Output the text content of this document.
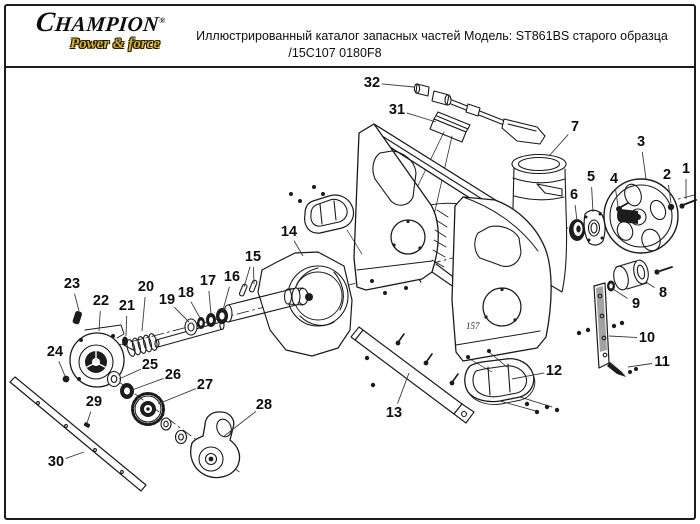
CHAMPION®
Power & force	Иллюстрированный каталог запасных частей Модель: ST861BS старого образца
/15C107 0180F8
157
1
2
3
4
5
6
7
8
9
10
11
12
13
14
15
16
17
18
19
20
21
22
23
24
25
26
27
28
29
30
31
32
